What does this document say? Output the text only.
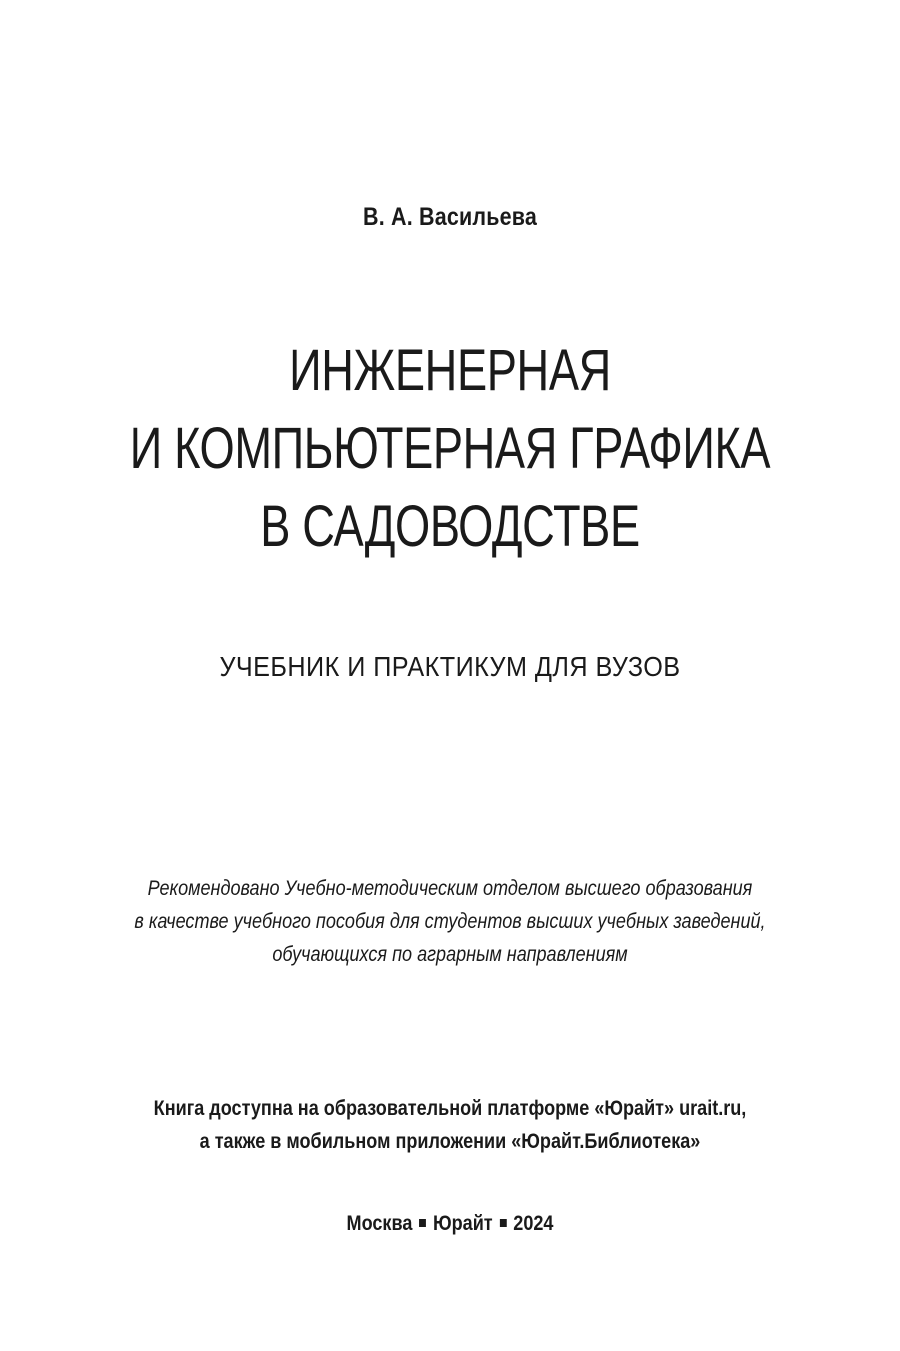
В. А. Васильева
ИНЖЕНЕРНАЯ
И КОМПЬЮТЕРНАЯ ГРАФИКА
В САДОВОДСТВЕ
УЧЕБНИК И ПРАКТИКУМ ДЛЯ ВУЗОВ
Рекомендовано Учебно-методическим отделом высшего образования
в качестве учебного пособия для студентов высших учебных заведений,
обучающихся по аграрным направлениям
Книга доступна на образовательной платформе «Юрайт» urait.ru,
а также в мобильном приложении «Юрайт.Библиотека»
Москва Юрайт 2024
